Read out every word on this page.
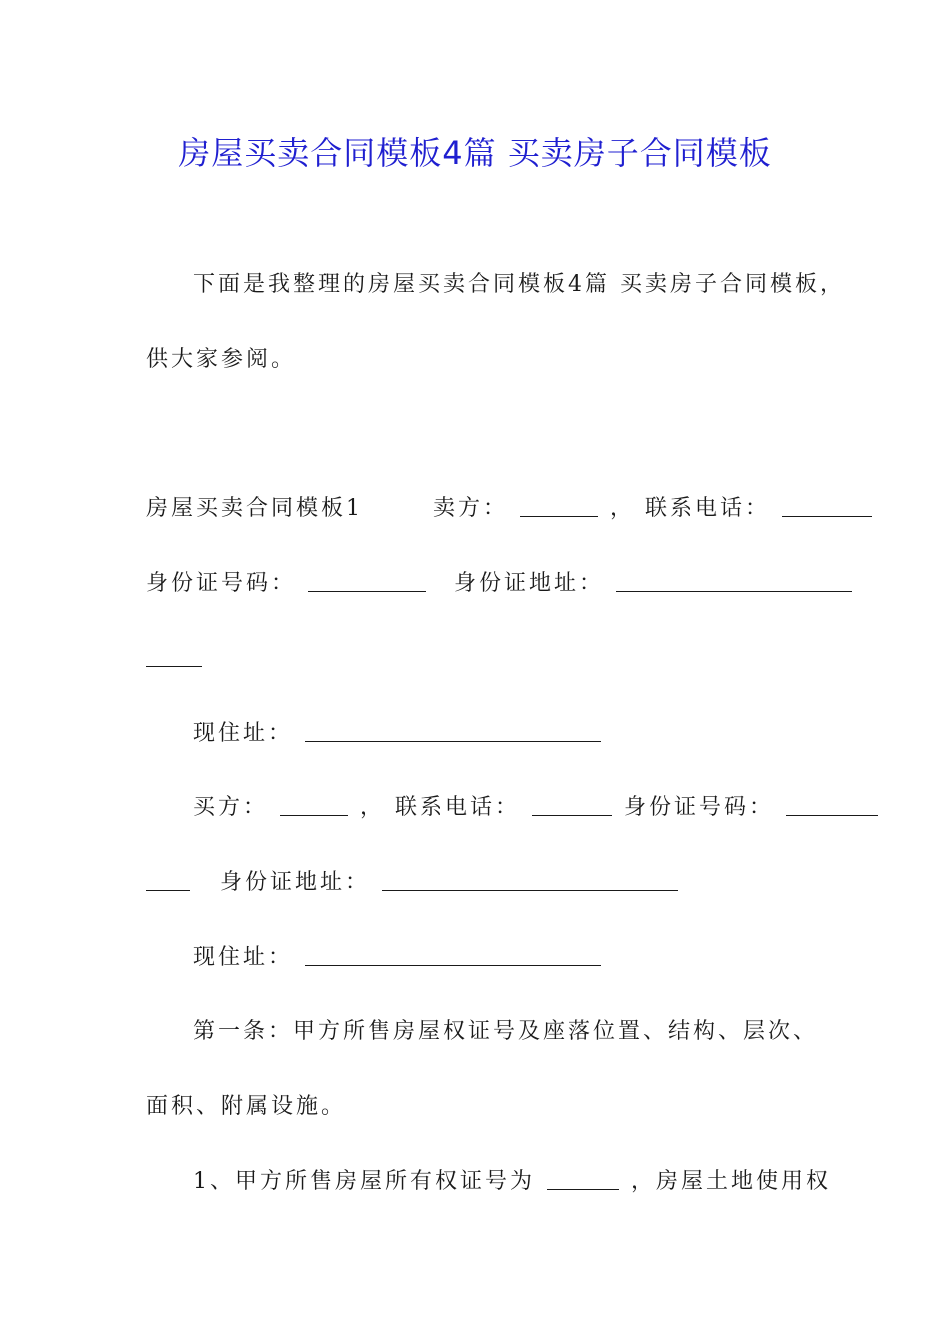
房屋买卖合同模板4篇 买卖房子合同模板
下面是我整理的房屋买卖合同模板4篇 买卖房子合同模板，
供大家参阅。
房屋买卖合同模板1	卖方：	， 联系电话：
身份证号码：	身份证地址：
现住址：
买方：	， 联系电话：	身份证号码：
身份证地址：
现住址：
第一条：甲方所售房屋权证号及座落位置、结构、层次、
面积、附属设施。
1、甲方所售房屋所有权证号为	，房屋土地使用权
